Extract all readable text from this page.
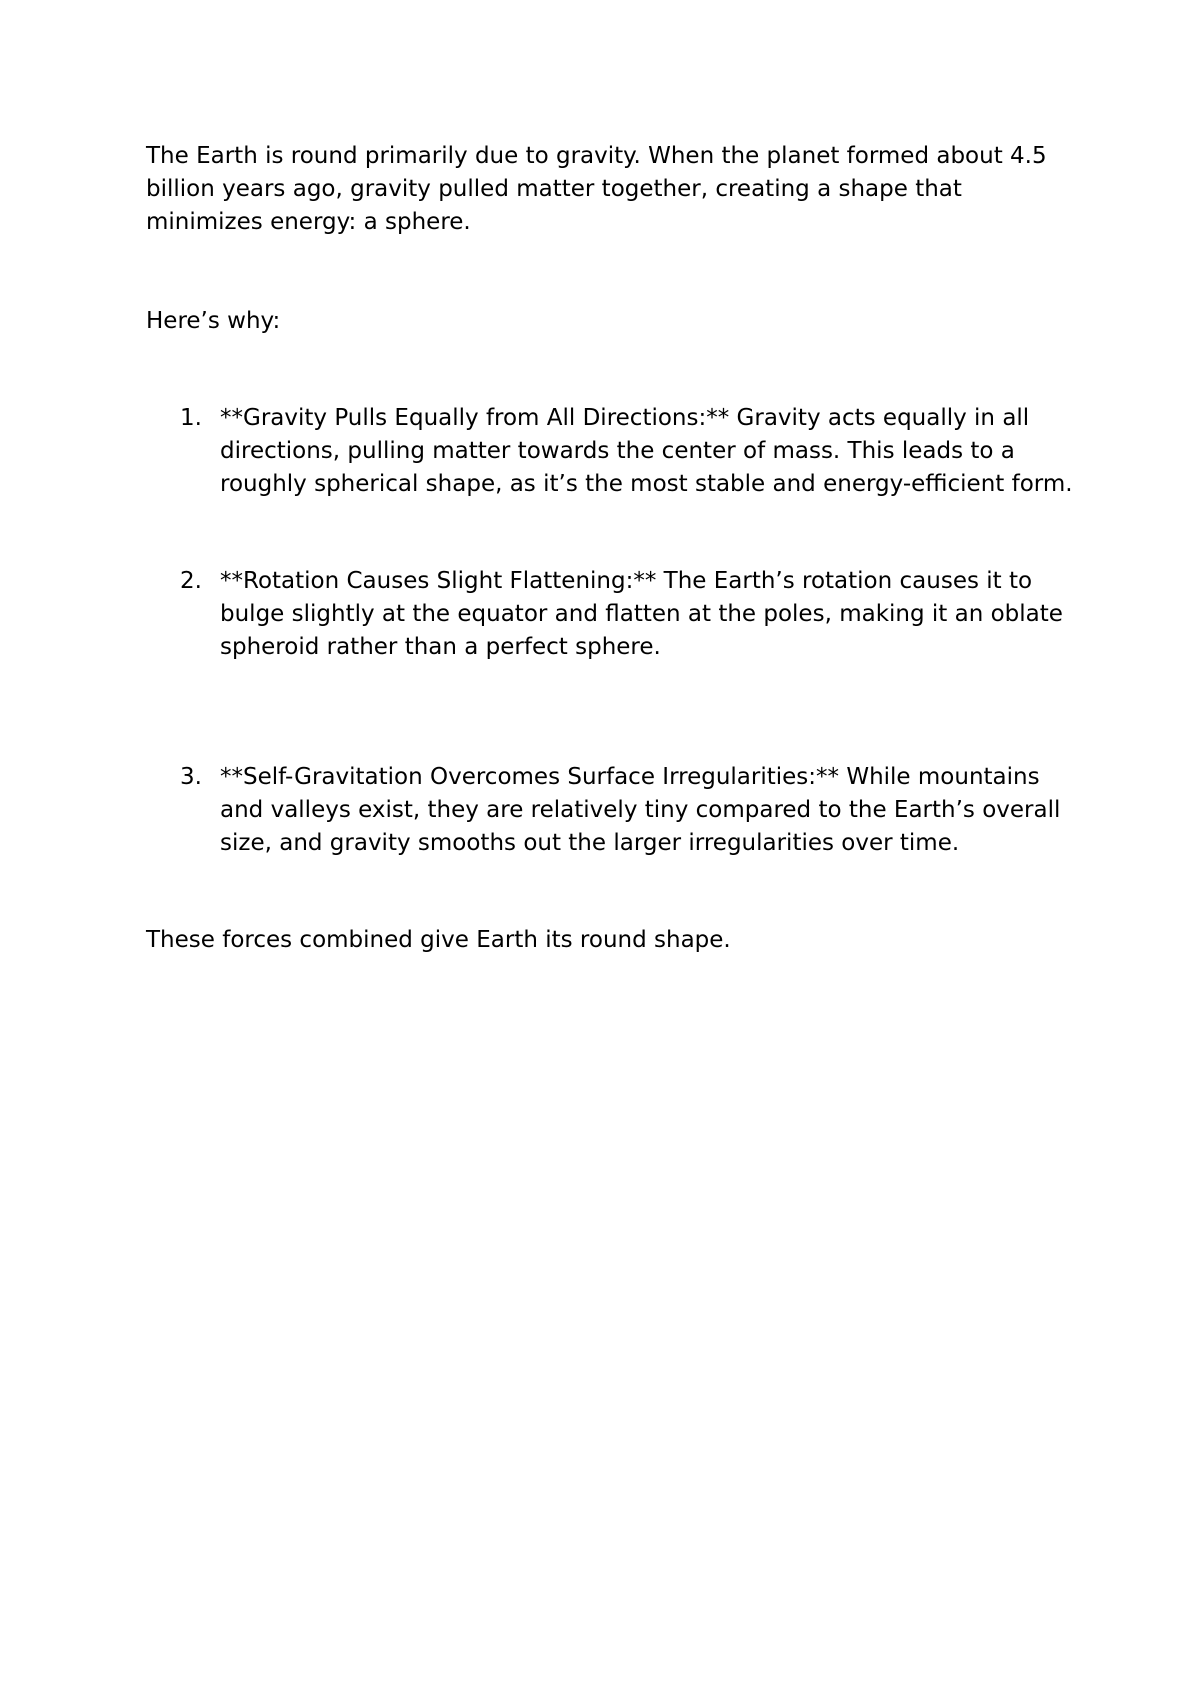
The Earth is round primarily due to gravity. When the planet formed about 4.5 billion years ago, gravity pulled matter together, creating a shape that minimizes energy: a sphere.

Here’s why:

1. **Gravity Pulls Equally from All Directions:** Gravity acts equally in all directions, pulling matter towards the center of mass. This leads to a roughly spherical shape, as it’s the most stable and energy-efficient form.
2. **Rotation Causes Slight Flattening:** The Earth’s rotation causes it to bulge slightly at the equator and flatten at the poles, making it an oblate spheroid rather than a perfect sphere.
3. **Self-Gravitation Overcomes Surface Irregularities:** While mountains and valleys exist, they are relatively tiny compared to the Earth’s overall size, and gravity smooths out the larger irregularities over time.

These forces combined give Earth its round shape.
